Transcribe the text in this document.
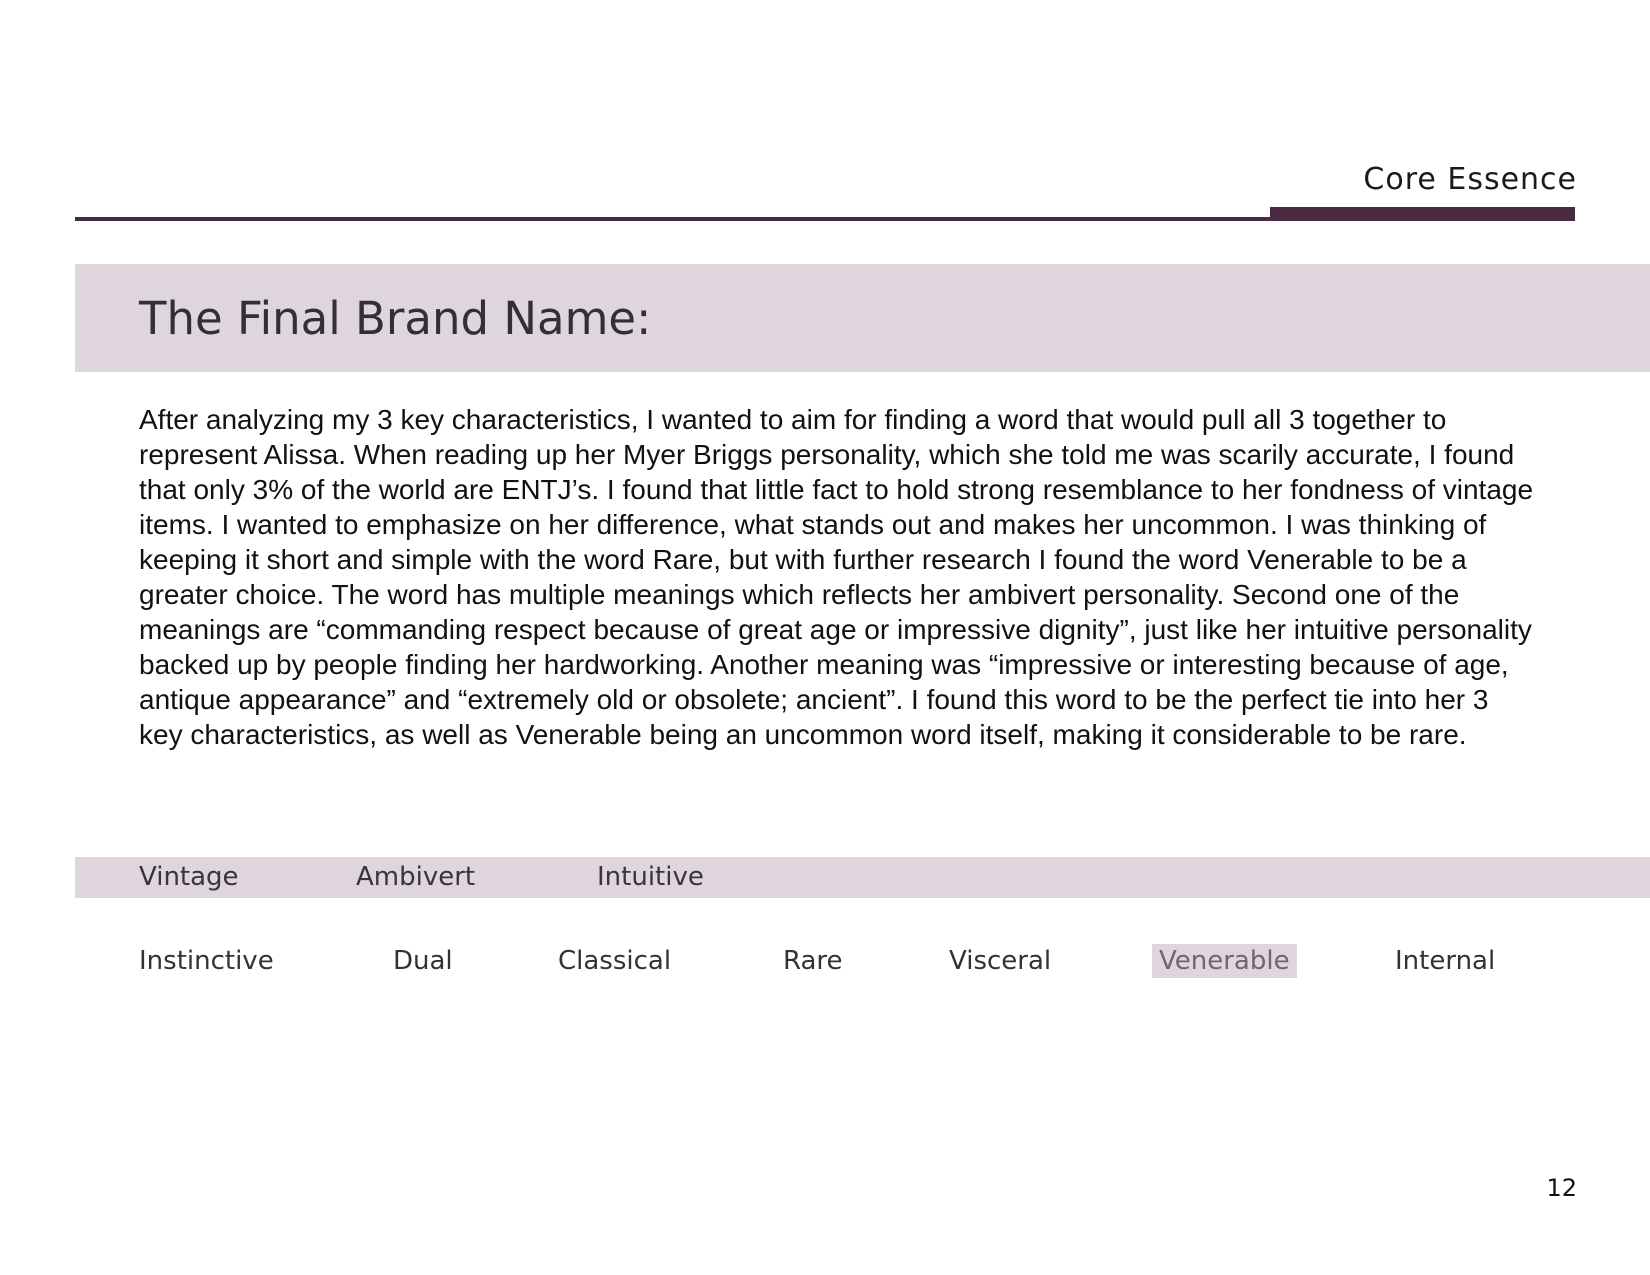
Core Essence
The Final Brand Name:

After analyzing my 3 key characteristics, I wanted to aim for finding a word that would pull all 3 together to represent Alissa. When reading up her Myer Briggs personality, which she told me was scarily accurate, I found that only 3% of the world are ENTJ’s. I found that little fact to hold strong resemblance to her fondness of vintage items. I wanted to emphasize on her difference, what stands out and makes her uncommon. I was thinking of keeping it short and simple with the word Rare, but with further research I found the word Venerable to be a greater choice. The word has multiple meanings which reflects her ambivert personality. Second one of the meanings are “commanding respect because of great age or impressive dignity”, just like her intuitive personality backed up by people finding her hardworking. Another meaning was “impressive or interesting because of age, antique appearance” and “extremely old or obsolete; ancient”. I found this word to be the perfect tie into her 3 key characteristics, as well as Venerable being an uncommon word itself, making it considerable to be rare.

Vintage	Ambivert	Intuitive
Instinctive	Dual	Classical	Rare	Visceral	Venerable	Internal
12
